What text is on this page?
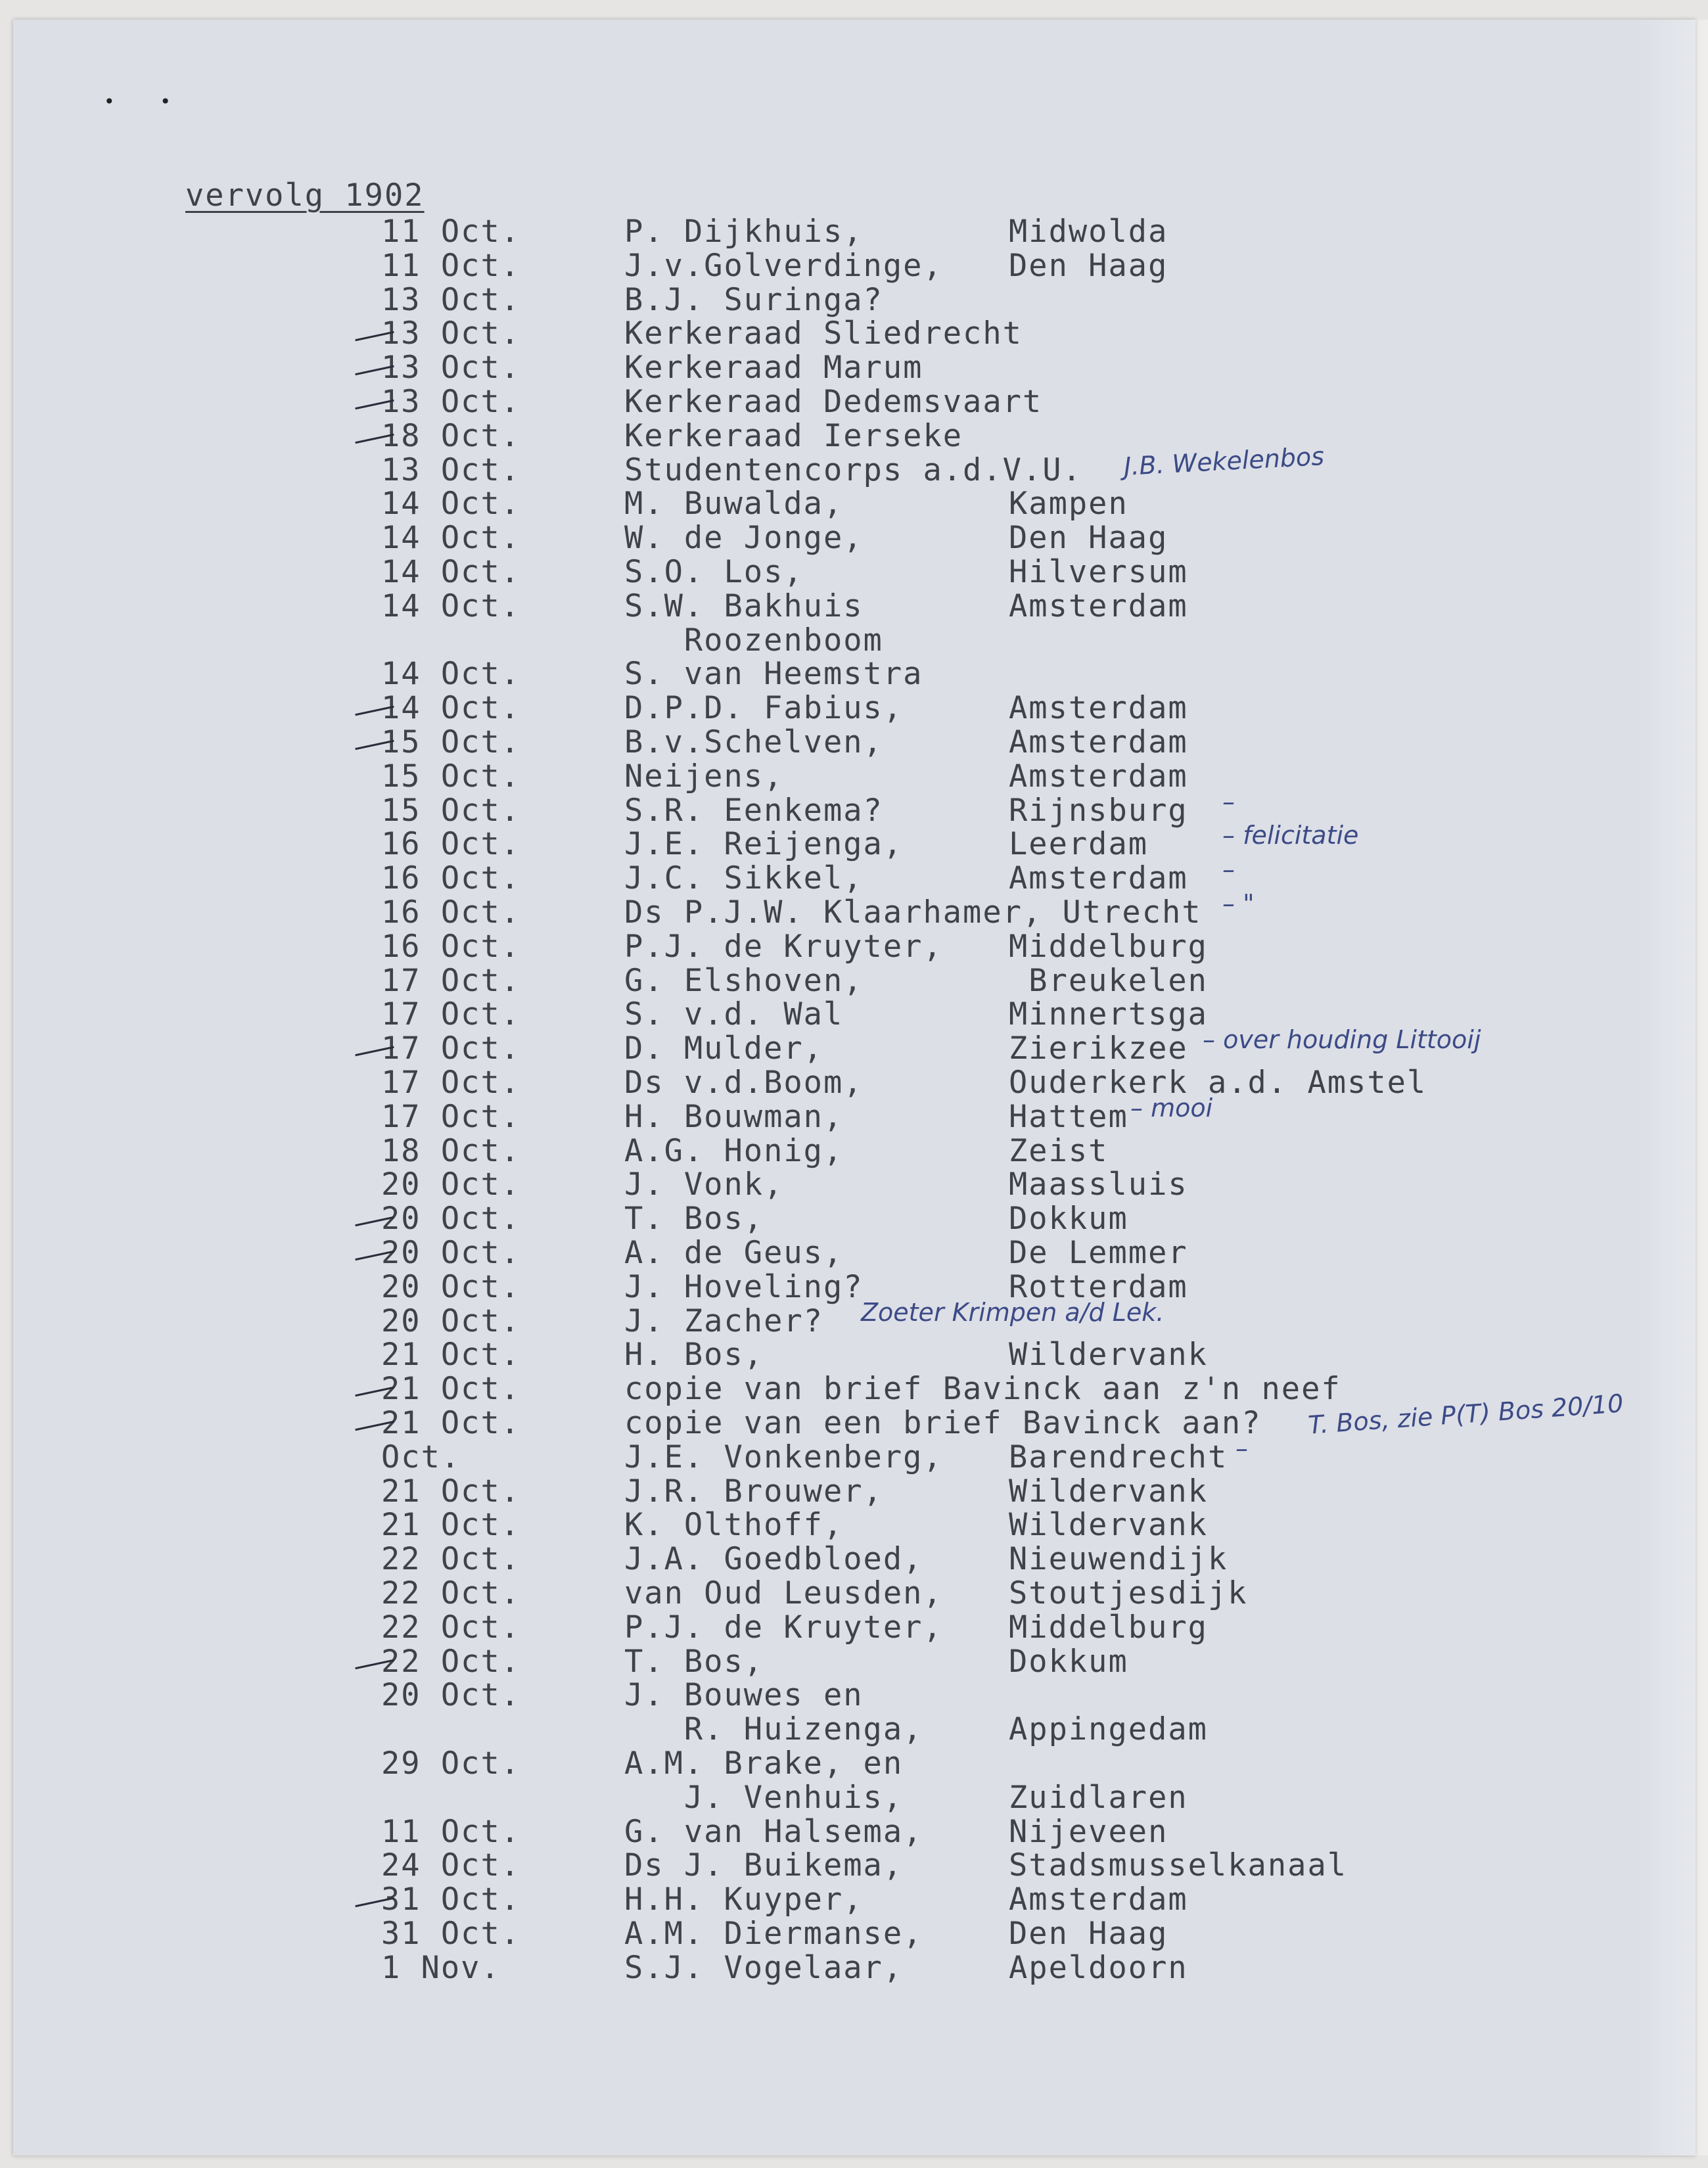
• •
vervolg 1902
11 Oct.	P. Dijkhuis,	Midwolda
11 Oct.	J.v.Golverdinge, Den Haag
13 Oct.	B.J. Suringa?
13 Oct.	Kerkeraad Sliedrecht
13 Oct.	Kerkeraad Marum
13 Oct.	Kerkeraad Dedemsvaart
18 Oct.	Kerkeraad Ierseke
13 Oct.	Studentencorps a.d.V.U.
14 Oct.	M. Buwalda,	Kampen
14 Oct.	W. de Jonge,	Den Haag
14 Oct.	S.O. Los,	Hilversum
14 Oct.	S.W. Bakhuis	Amsterdam
Roozenboom
14 Oct.	S. van Heemstra
14 Oct.	D.P.D. Fabius,	Amsterdam
15 Oct.	B.v.Schelven,	Amsterdam
15 Oct.	Neijens,	Amsterdam
15 Oct.	S.R. Eenkema?	Rijnsburg
16 Oct.	J.E. Reijenga,	Leerdam
16 Oct.	J.C. Sikkel,	Amsterdam
16 Oct.	Ds P.J.W. Klaarhamer, Utrecht
16 Oct.	P.J. de Kruyter, Middelburg
17 Oct.	G. Elshoven,	Breukelen
17 Oct.	S. v.d. Wal	Minnertsga
17 Oct.	D. Mulder,	Zierikzee
17 Oct.	Ds v.d.Boom,	Ouderkerk a.d. Amstel
17 Oct.	H. Bouwman,	Hattem
18 Oct.	A.G. Honig,	Zeist
20 Oct.	J. Vonk,	Maassluis
20 Oct.	T. Bos,	Dokkum
20 Oct.	A. de Geus,	De Lemmer
20 Oct.	J. Hoveling?	Rotterdam
20 Oct.	J. Zacher?
21 Oct.	H. Bos,	Wildervank
21 Oct.	copie van brief Bavinck aan z'n neef
21 Oct.	copie van een brief Bavinck aan?
Oct.	J.E. Vonkenberg, Barendrecht
21 Oct.	J.R. Brouwer,	Wildervank
21 Oct.	K. Olthoff,	Wildervank
22 Oct.	J.A. Goedbloed,	Nieuwendijk
22 Oct.	van Oud Leusden, Stoutjesdijk
22 Oct.	P.J. de Kruyter, Middelburg
22 Oct.	T. Bos,	Dokkum
20 Oct.	J. Bouwes en
R. Huizenga,	Appingedam
29 Oct.	A.M. Brake, en
J. Venhuis,	Zuidlaren
11 Oct.	G. van Halsema,	Nijeveen
24 Oct.	Ds J. Buikema,	Stadsmusselkanaal
31 Oct.	H.H. Kuyper,	Amsterdam
31 Oct.	A.M. Diermanse,	Den Haag
1 Nov.	S.J. Vogelaar,	Apeldoorn
J.B. Wekelenbos
–
– felicitatie
–
– "
– over houding Littooij
– mooi
Zoeter Krimpen a/d Lek.
T. Bos, zie P(T) Bos 20/10
–
